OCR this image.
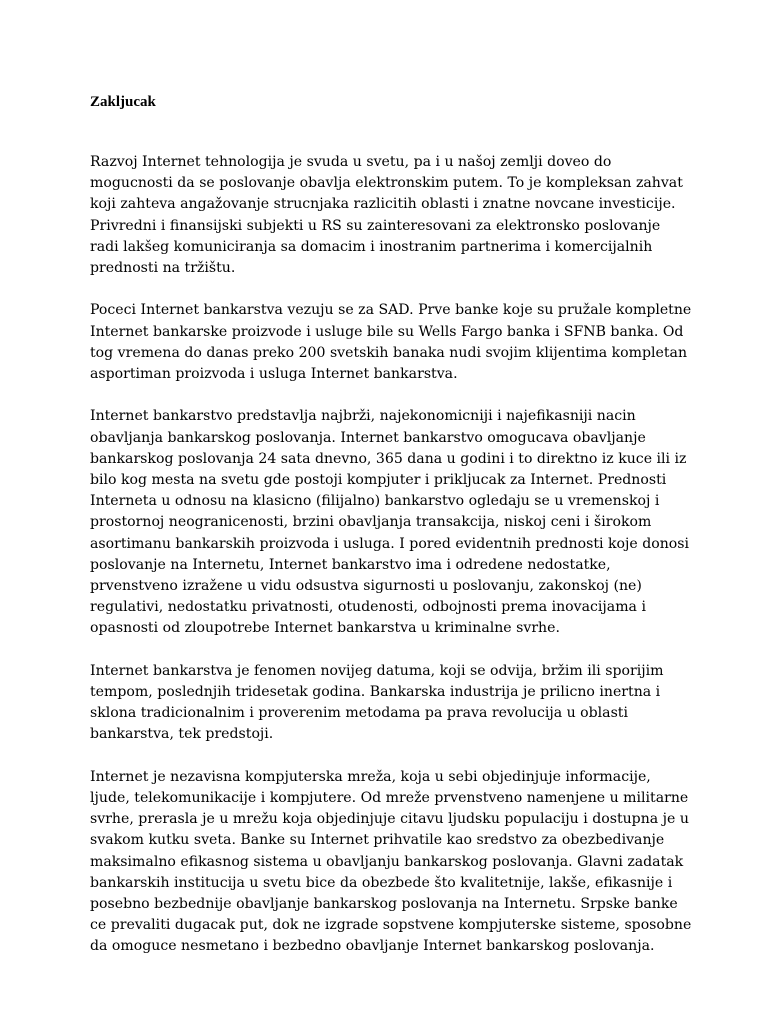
Zakljucak

Razvoj Internet tehnologija je svuda u svetu, pa i u našoj zemlji doveo do mogucnosti da se poslovanje obavlja elektronskim putem. To je kompleksan zahvat koji zahteva angažovanje strucnjaka razlicitih oblasti i znatne novcane investicije. Privredni i finansijski subjekti u RS su zainteresovani za elektronsko poslovanje radi lakšeg komuniciranja sa domacim i inostranim partnerima i komercijalnih prednosti na tržištu.

Poceci Internet bankarstva vezuju se za SAD. Prve banke koje su pružale kompletne Internet bankarske proizvode i usluge bile su Wells Fargo banka i SFNB banka. Od tog vremena do danas preko 200 svetskih banaka nudi svojim klijentima kompletan asportiman proizvoda i usluga Internet bankarstva.

Internet bankarstvo predstavlja najbrži, najekonomicniji i najefikasniji nacin obavljanja bankarskog poslovanja. Internet bankarstvo omogucava obavljanje bankarskog poslovanja 24 sata dnevno, 365 dana u godini i to direktno iz kuce ili iz bilo kog mesta na svetu gde postoji kompjuter i prikljucak za Internet. Prednosti Interneta u odnosu na klasicno (filijalno) bankarstvo ogledaju se u vremenskoj i prostornoj neogranicenosti, brzini obavljanja transakcija, niskoj ceni i širokom asortimanu bankarskih proizvoda i usluga. I pored evidentnih prednosti koje donosi poslovanje na Internetu, Internet bankarstvo ima i odredene nedostatke, prvenstveno izražene u vidu odsustva sigurnosti u poslovanju, zakonskoj (ne) regulativi, nedostatku privatnosti, otudenosti, odbojnosti prema inovacijama i opasnosti od zloupotrebe Internet bankarstva u kriminalne svrhe.

Internet bankarstva je fenomen novijeg datuma, koji se odvija, bržim ili sporijim tempom, poslednjih tridesetak godina. Bankarska industrija je prilicno inertna i sklona tradicionalnim i proverenim metodama pa prava revolucija u oblasti bankarstva, tek predstoji.

Internet je nezavisna kompjuterska mreža, koja u sebi objedinjuje informacije, ljude, telekomunikacije i kompjutere. Od mreže prvenstveno namenjene u militarne svrhe, prerasla je u mrežu koja objedinjuje citavu ljudsku populaciju i dostupna je u svakom kutku sveta. Banke su Internet prihvatile kao sredstvo za obezbedivanje maksimalno efikasnog sistema u obavljanju bankarskog poslovanja. Glavni zadatak bankarskih institucija u svetu bice da obezbede što kvalitetnije, lakše, efikasnije i posebno bezbednije obavljanje bankarskog poslovanja na Internetu. Srpske banke ce prevaliti dugacak put, dok ne izgrade sopstvene kompjuterske sisteme, sposobne da omoguce nesmetano i bezbedno obavljanje Internet bankarskog poslovanja.
